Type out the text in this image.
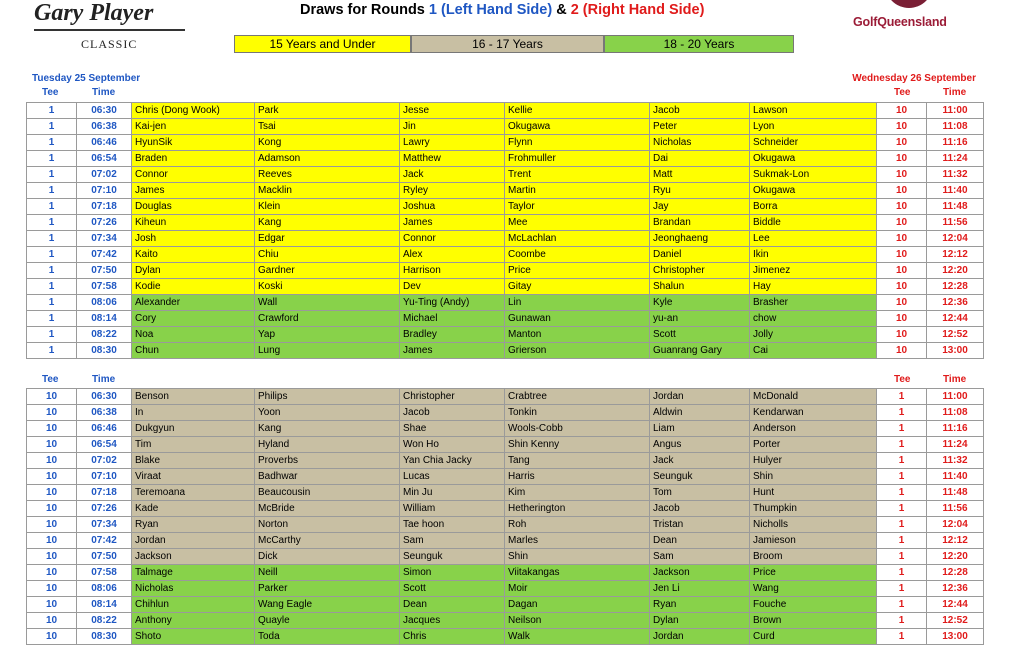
Gary Player
CLASSIC
GolfQueensland
Draws for Rounds 1 (Left Hand Side) & 2 (Right Hand Side)
15 Years and Under	16 - 17 Years	18 - 20 Years
Tuesday 25 September	Wednesday 26 September
Tee	Time	Tee	Time
1	06:30	Chris (Dong Wook)	Park	Jesse	Kellie	Jacob	Lawson	10	11:00
1	06:38	Kai-jen	Tsai	Jin	Okugawa	Peter	Lyon	10	11:08
1	06:46	HyunSik	Kong	Lawry	Flynn	Nicholas	Schneider	10	11:16
1	06:54	Braden	Adamson	Matthew	Frohmuller	Dai	Okugawa	10	11:24
1	07:02	Connor	Reeves	Jack	Trent	Matt	Sukmak-Lon	10	11:32
1	07:10	James	Macklin	Ryley	Martin	Ryu	Okugawa	10	11:40
1	07:18	Douglas	Klein	Joshua	Taylor	Jay	Borra	10	11:48
1	07:26	Kiheun	Kang	James	Mee	Brandan	Biddle	10	11:56
1	07:34	Josh	Edgar	Connor	McLachlan	Jeonghaeng	Lee	10	12:04
1	07:42	Kaito	Chiu	Alex	Coombe	Daniel	Ikin	10	12:12
1	07:50	Dylan	Gardner	Harrison	Price	Christopher	Jimenez	10	12:20
1	07:58	Kodie	Koski	Dev	Gitay	Shalun	Hay	10	12:28
1	08:06	Alexander	Wall	Yu-Ting (Andy)	Lin	Kyle	Brasher	10	12:36
1	08:14	Cory	Crawford	Michael	Gunawan	yu-an	chow	10	12:44
1	08:22	Noa	Yap	Bradley	Manton	Scott	Jolly	10	12:52
1	08:30	Chun	Lung	James	Grierson	Guanrang Gary	Cai	10	13:00
Tee	Time	Tee	Time
10	06:30	Benson	Philips	Christopher	Crabtree	Jordan	McDonald	1	11:00
10	06:38	In	Yoon	Jacob	Tonkin	Aldwin	Kendarwan	1	11:08
10	06:46	Dukgyun	Kang	Shae	Wools-Cobb	Liam	Anderson	1	11:16
10	06:54	Tim	Hyland	Won Ho	Shin Kenny	Angus	Porter	1	11:24
10	07:02	Blake	Proverbs	Yan Chia Jacky	Tang	Jack	Hulyer	1	11:32
10	07:10	Viraat	Badhwar	Lucas	Harris	Seunguk	Shin	1	11:40
10	07:18	Teremoana	Beaucousin	Min Ju	Kim	Tom	Hunt	1	11:48
10	07:26	Kade	McBride	William	Hetherington	Jacob	Thumpkin	1	11:56
10	07:34	Ryan	Norton	Tae hoon	Roh	Tristan	Nicholls	1	12:04
10	07:42	Jordan	McCarthy	Sam	Marles	Dean	Jamieson	1	12:12
10	07:50	Jackson	Dick	Seunguk	Shin	Sam	Broom	1	12:20
10	07:58	Talmage	Neill	Simon	Viitakangas	Jackson	Price	1	12:28
10	08:06	Nicholas	Parker	Scott	Moir	Jen Li	Wang	1	12:36
10	08:14	Chihlun	Wang Eagle	Dean	Dagan	Ryan	Fouche	1	12:44
10	08:22	Anthony	Quayle	Jacques	Neilson	Dylan	Brown	1	12:52
10	08:30	Shoto	Toda	Chris	Walk	Jordan	Curd	1	13:00
